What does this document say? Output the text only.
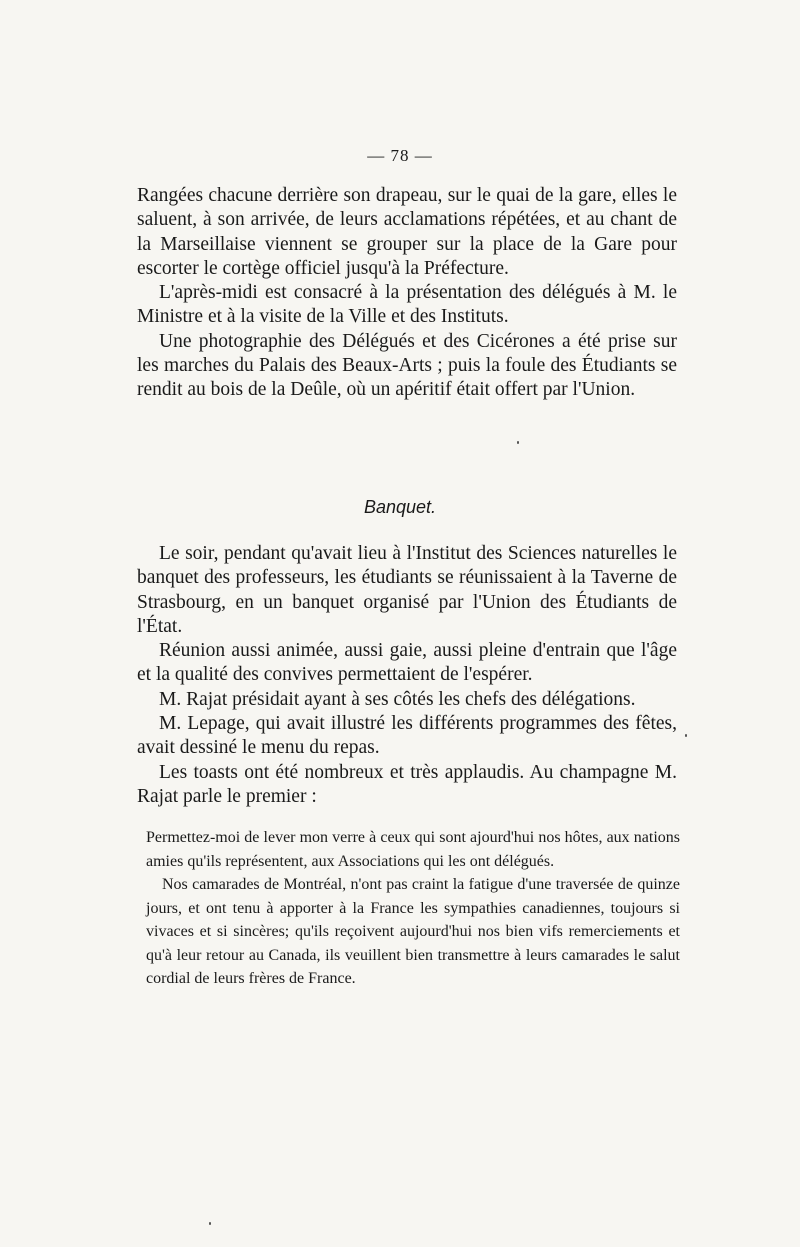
— 78 —

Rangées chacune derrière son drapeau, sur le quai de la gare, elles le saluent, à son arrivée, de leurs acclamations répétées, et au chant de la Marseillaise viennent se grouper sur la place de la Gare pour escorter le cortège officiel jusqu'à la Préfecture.

L'après-midi est consacré à la présentation des délégués à M. le Ministre et à la visite de la Ville et des Instituts.

Une photographie des Délégués et des Cicérones a été prise sur les marches du Palais des Beaux-Arts ; puis la foule des Étudiants se rendit au bois de la Deûle, où un apéritif était offert par l'Union.

Banquet.

Le soir, pendant qu'avait lieu à l'Institut des Sciences naturelles le banquet des professeurs, les étudiants se réunissaient à la Taverne de Strasbourg, en un banquet organisé par l'Union des Étudiants de l'État.

Réunion aussi animée, aussi gaie, aussi pleine d'entrain que l'âge et la qualité des convives permettaient de l'espérer.

M. Rajat présidait ayant à ses côtés les chefs des délégations.

M. Lepage, qui avait illustré les différents programmes des fêtes, avait dessiné le menu du repas.

Les toasts ont été nombreux et très applaudis. Au champagne M. Rajat parle le premier :

Permettez-moi de lever mon verre à ceux qui sont ajourd'hui nos hôtes, aux nations amies qu'ils représentent, aux Associations qui les ont délégués.

Nos camarades de Montréal, n'ont pas craint la fatigue d'une traversée de quinze jours, et ont tenu à apporter à la France les sympathies canadiennes, toujours si vivaces et si sincères; qu'ils reçoivent aujourd'hui nos bien vifs remerciements et qu'à leur retour au Canada, ils veuillent bien transmettre à leurs camarades le salut cordial de leurs frères de France.
